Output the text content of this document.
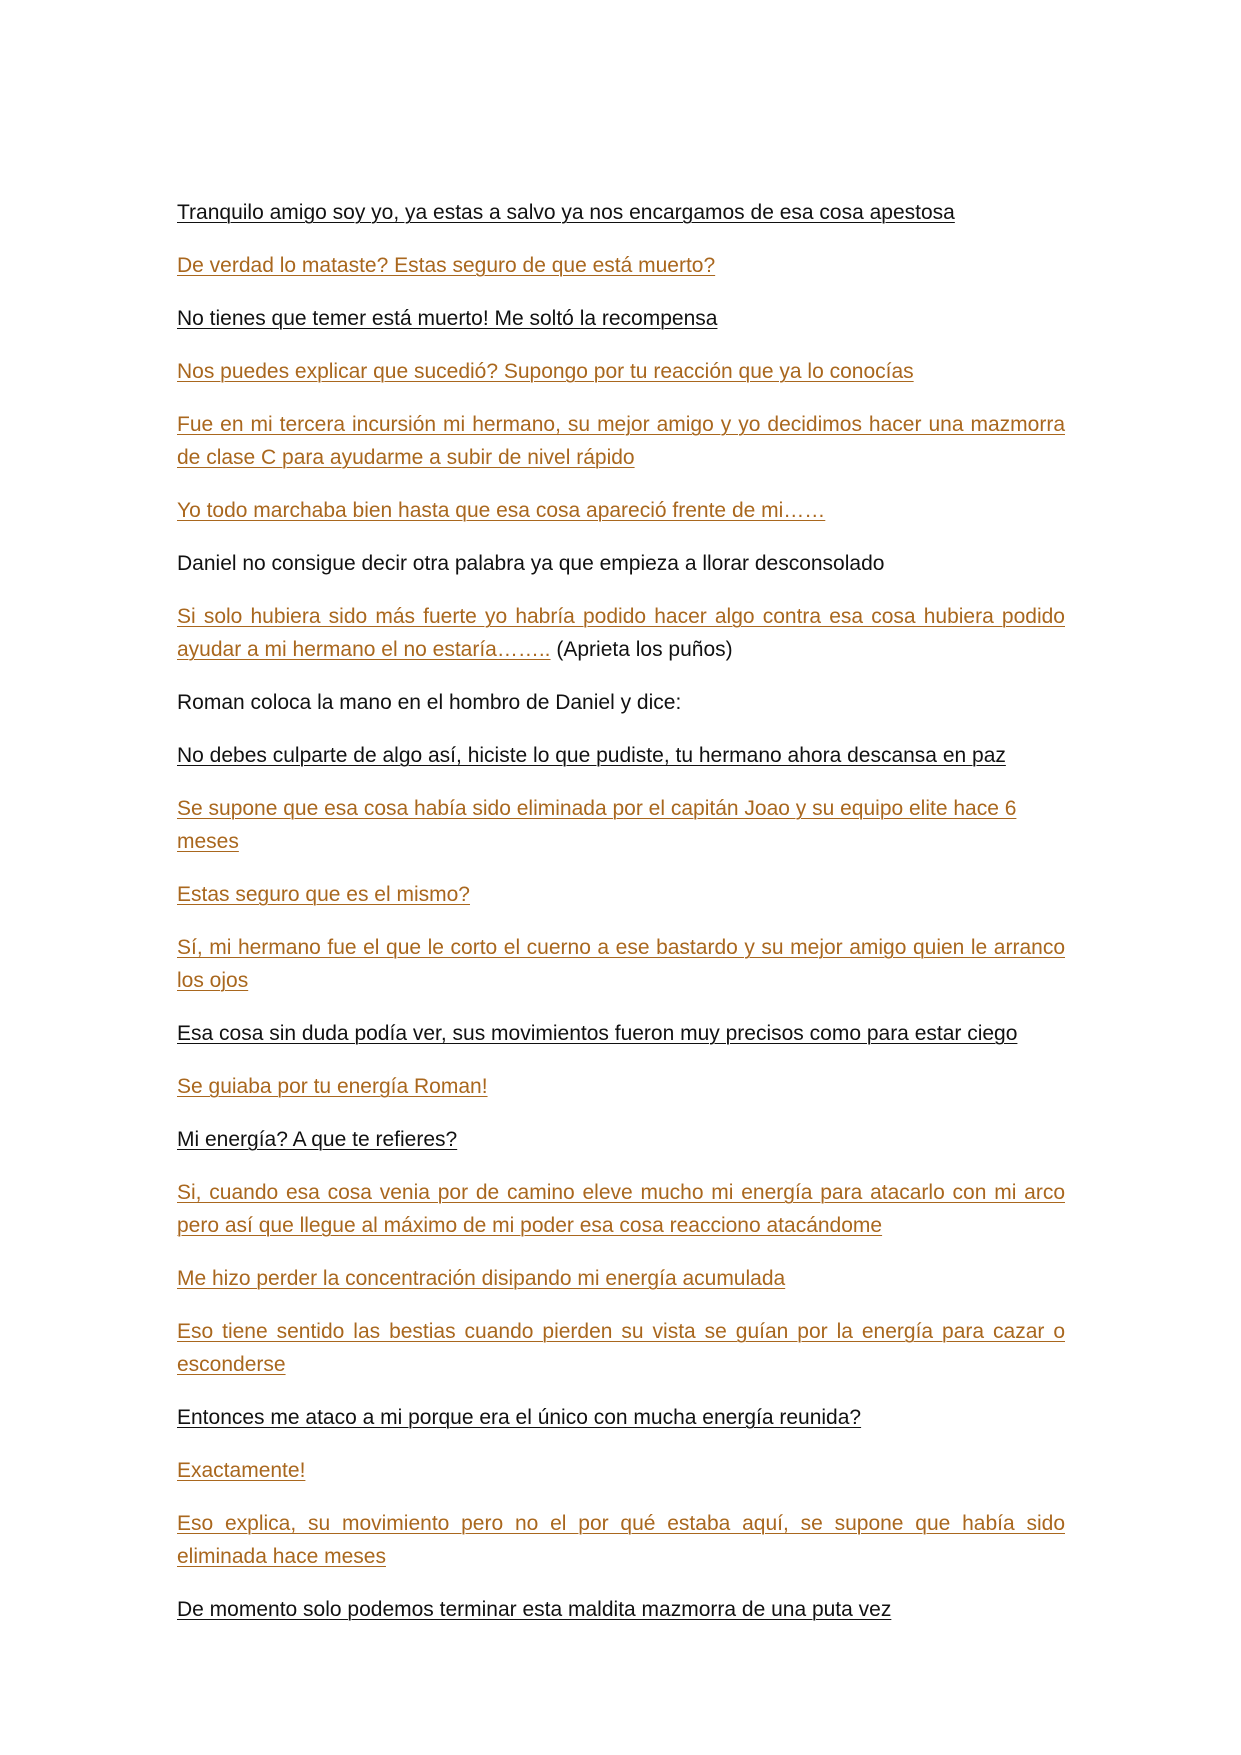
Tranquilo amigo soy yo, ya estas a salvo ya nos encargamos de esa cosa apestosa

De verdad lo mataste? Estas seguro de que está muerto?

No tienes que temer está muerto! Me soltó la recompensa

Nos puedes explicar que sucedió? Supongo por tu reacción que ya lo conocías

Fue en mi tercera incursión mi hermano, su mejor amigo y yo decidimos hacer una mazmorra de clase C para ayudarme a subir de nivel rápido

Yo todo marchaba bien hasta que esa cosa apareció frente de mi……

Daniel no consigue decir otra palabra ya que empieza a llorar desconsolado

Si solo hubiera sido más fuerte yo habría podido hacer algo contra esa cosa hubiera podido ayudar a mi hermano el no estaría…….. (Aprieta los puños)

Roman coloca la mano en el hombro de Daniel y dice:

No debes culparte de algo así, hiciste lo que pudiste, tu hermano ahora descansa en paz

Se supone que esa cosa había sido eliminada por el capitán Joao y su equipo elite hace 6 meses

Estas seguro que es el mismo?

Sí, mi hermano fue el que le corto el cuerno a ese bastardo y su mejor amigo quien le arranco los ojos

Esa cosa sin duda podía ver, sus movimientos fueron muy precisos como para estar ciego

Se guiaba por tu energía Roman!

Mi energía? A que te refieres?

Si, cuando esa cosa venia por de camino eleve mucho mi energía para atacarlo con mi arco pero así que llegue al máximo de mi poder esa cosa reacciono atacándome

Me hizo perder la concentración disipando mi energía acumulada

Eso tiene sentido las bestias cuando pierden su vista se guían por la energía para cazar o esconderse

Entonces me ataco a mi porque era el único con mucha energía reunida?

Exactamente!

Eso explica, su movimiento pero no el por qué estaba aquí, se supone que había sido eliminada hace meses

De momento solo podemos terminar esta maldita mazmorra de una puta vez
